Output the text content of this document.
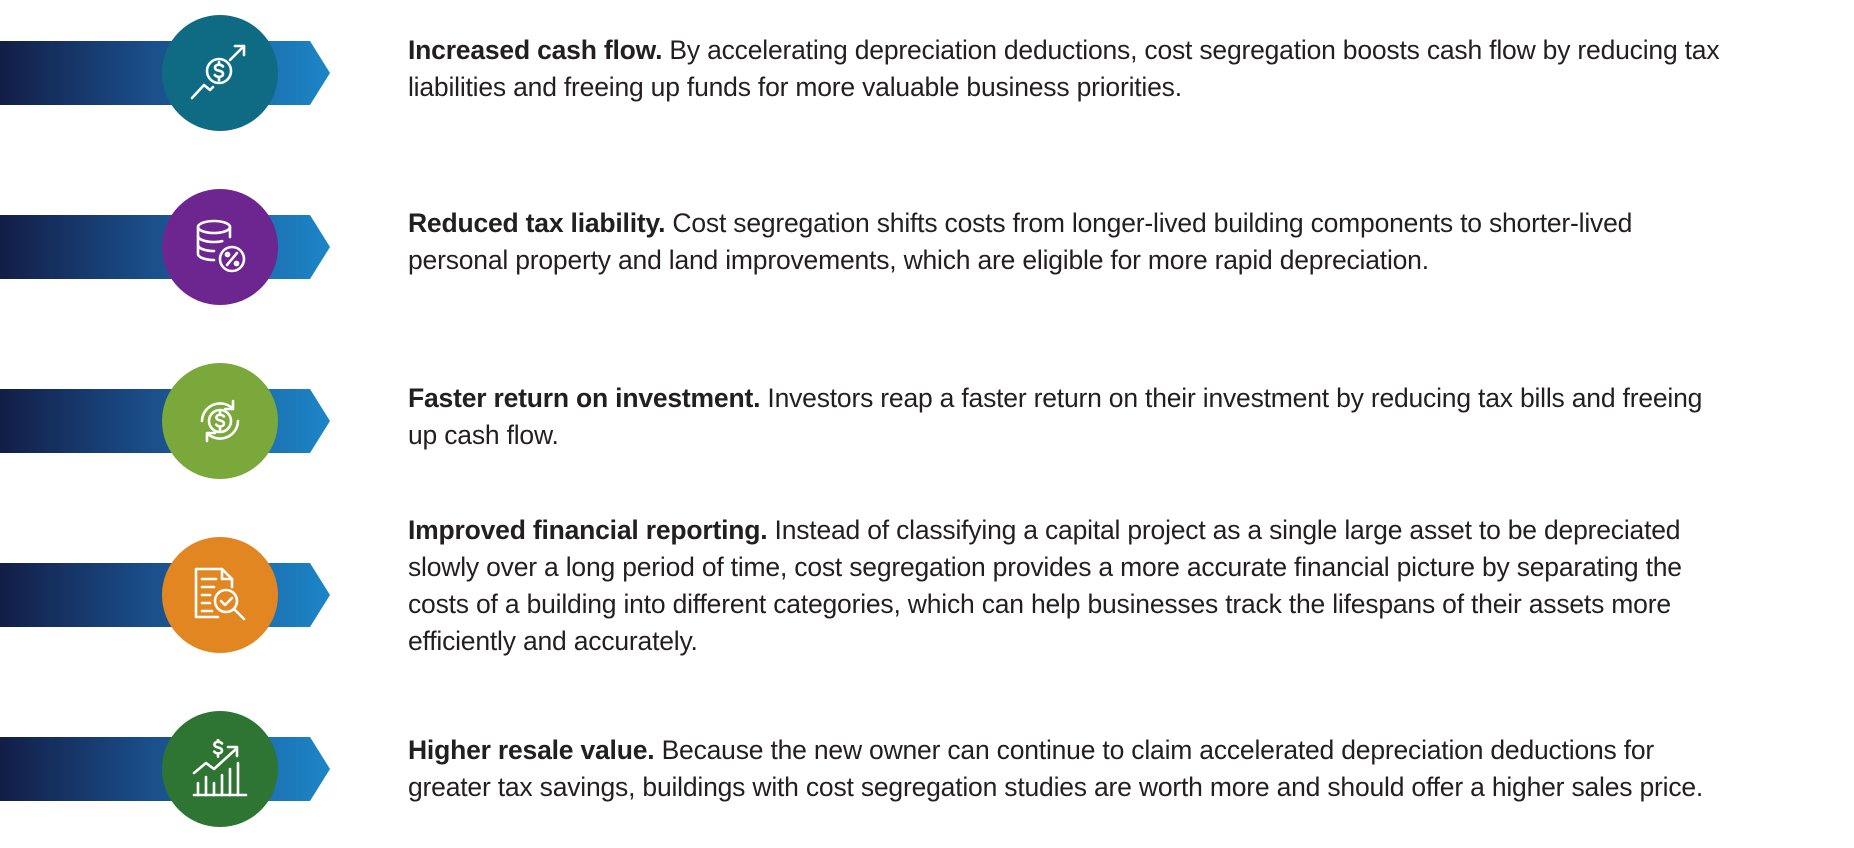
Increased cash flow. By accelerating depreciation deductions, cost segregation boosts cash flow by reducing tax liabilities and freeing up funds for more valuable business priorities.

Reduced tax liability. Cost segregation shifts costs from longer-lived building components to shorter-lived personal property and land improvements, which are eligible for more rapid depreciation.

Faster return on investment. Investors reap a faster return on their investment by reducing tax bills and freeing up cash flow.

Improved financial reporting. Instead of classifying a capital project as a single large asset to be depreciated slowly over a long period of time, cost segregation provides a more accurate financial picture by separating the costs of a building into different categories, which can help businesses track the lifespans of their assets more efficiently and accurately.

Higher resale value. Because the new owner can continue to claim accelerated depreciation deductions for greater tax savings, buildings with cost segregation studies are worth more and should offer a higher sales price.
